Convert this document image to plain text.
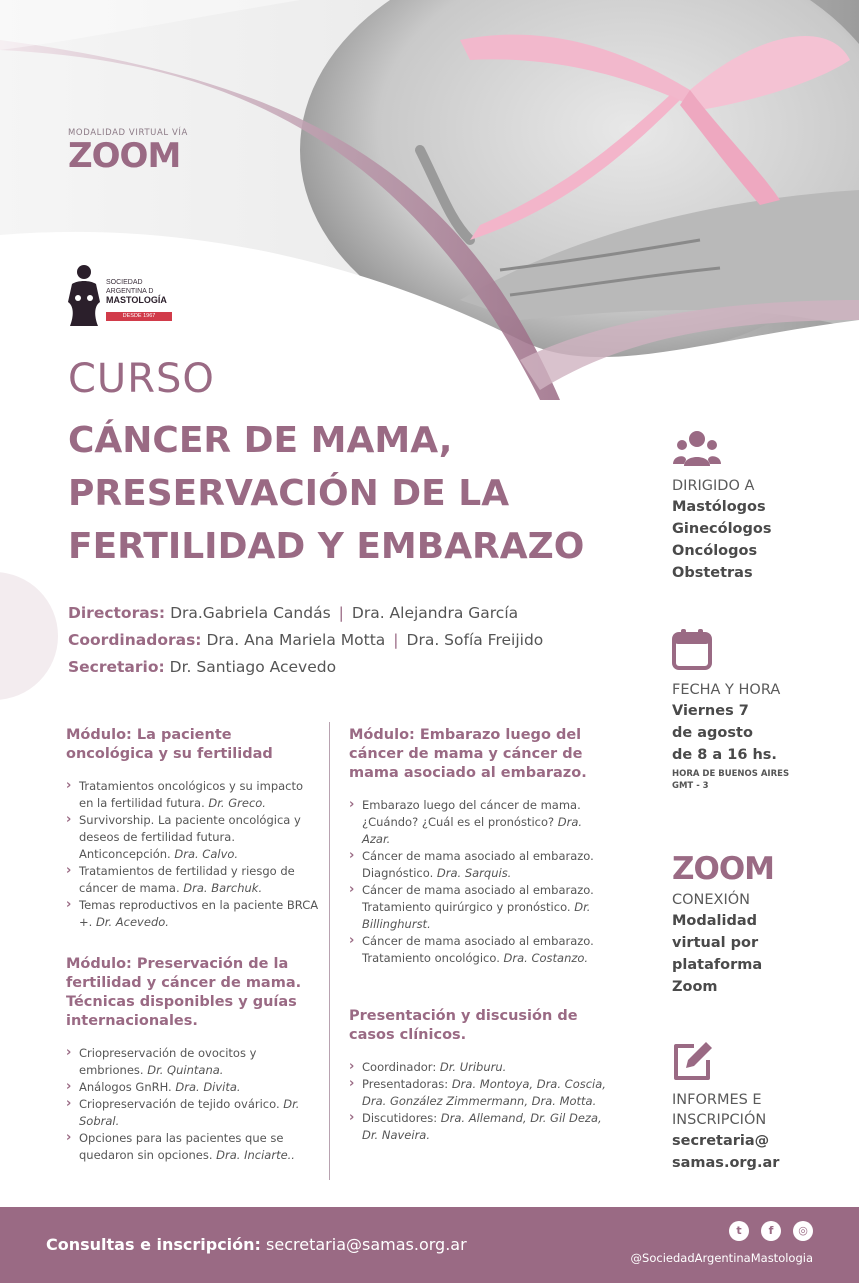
MODALIDAD VIRTUAL VÍA
ZOOM
SOCIEDAD
ARGENTINA D
MASTOLOGÍA
DESDE 1967
CURSO
CÁNCER DE MAMA,
PRESERVACIÓN DE LA
FERTILIDAD Y EMBARAZO
Directoras: Dra.Gabriela Candás | Dra. Alejandra García
Coordinadoras: Dra. Ana Mariela Motta | Dra. Sofía Freijido
Secretario: Dr. Santiago Acevedo
Módulo: La paciente oncológica y su fertilidad
› Tratamientos oncológicos y su impacto en la fertilidad futura. Dr. Greco.
› Survivorship. La paciente oncológica y deseos de fertilidad futura. Anticoncepción. Dra. Calvo.
› Tratamientos de fertilidad y riesgo de cáncer de mama. Dra. Barchuk.
› Temas reproductivos en la paciente BRCA +. Dr. Acevedo.
Módulo: Preservación de la fertilidad y cáncer de mama. Técnicas disponibles y guías internacionales.
› Criopreservación de ovocitos y embriones. Dr. Quintana.
› Análogos GnRH. Dra. Divita.
› Criopreservación de tejido ovárico. Dr. Sobral.
› Opciones para las pacientes que se quedaron sin opciones. Dra. Inciarte..
Módulo: Embarazo luego del cáncer de mama y cáncer de mama asociado al embarazo.
› Embarazo luego del cáncer de mama. ¿Cuándo? ¿Cuál es el pronóstico? Dra. Azar.
› Cáncer de mama asociado al embarazo. Diagnóstico. Dra. Sarquis.
› Cáncer de mama asociado al embarazo. Tratamiento quirúrgico y pronóstico. Dr. Billinghurst.
› Cáncer de mama asociado al embarazo. Tratamiento oncológico. Dra. Costanzo.
Presentación y discusión de casos clínicos.
› Coordinador: Dr. Uriburu.
› Presentadoras: Dra. Montoya, Dra. Coscia, Dra. González Zimmermann, Dra. Motta.
› Discutidores: Dra. Allemand, Dr. Gil Deza, Dr. Naveira.
DIRIGIDO A
Mastólogos
Ginecólogos
Oncólogos
Obstetras
FECHA Y HORA
Viernes 7
de agosto
de 8 a 16 hs.
HORA DE BUENOS AIRES
GMT - 3
ZOOM
CONEXIÓN
Modalidad
virtual por
plataforma
Zoom
INFORMES E
INSCRIPCIÓN
secretaria@
samas.org.ar
Consultas e inscripción: secretaria@samas.org.ar
t	f	◎
@SociedadArgentinaMastologia
